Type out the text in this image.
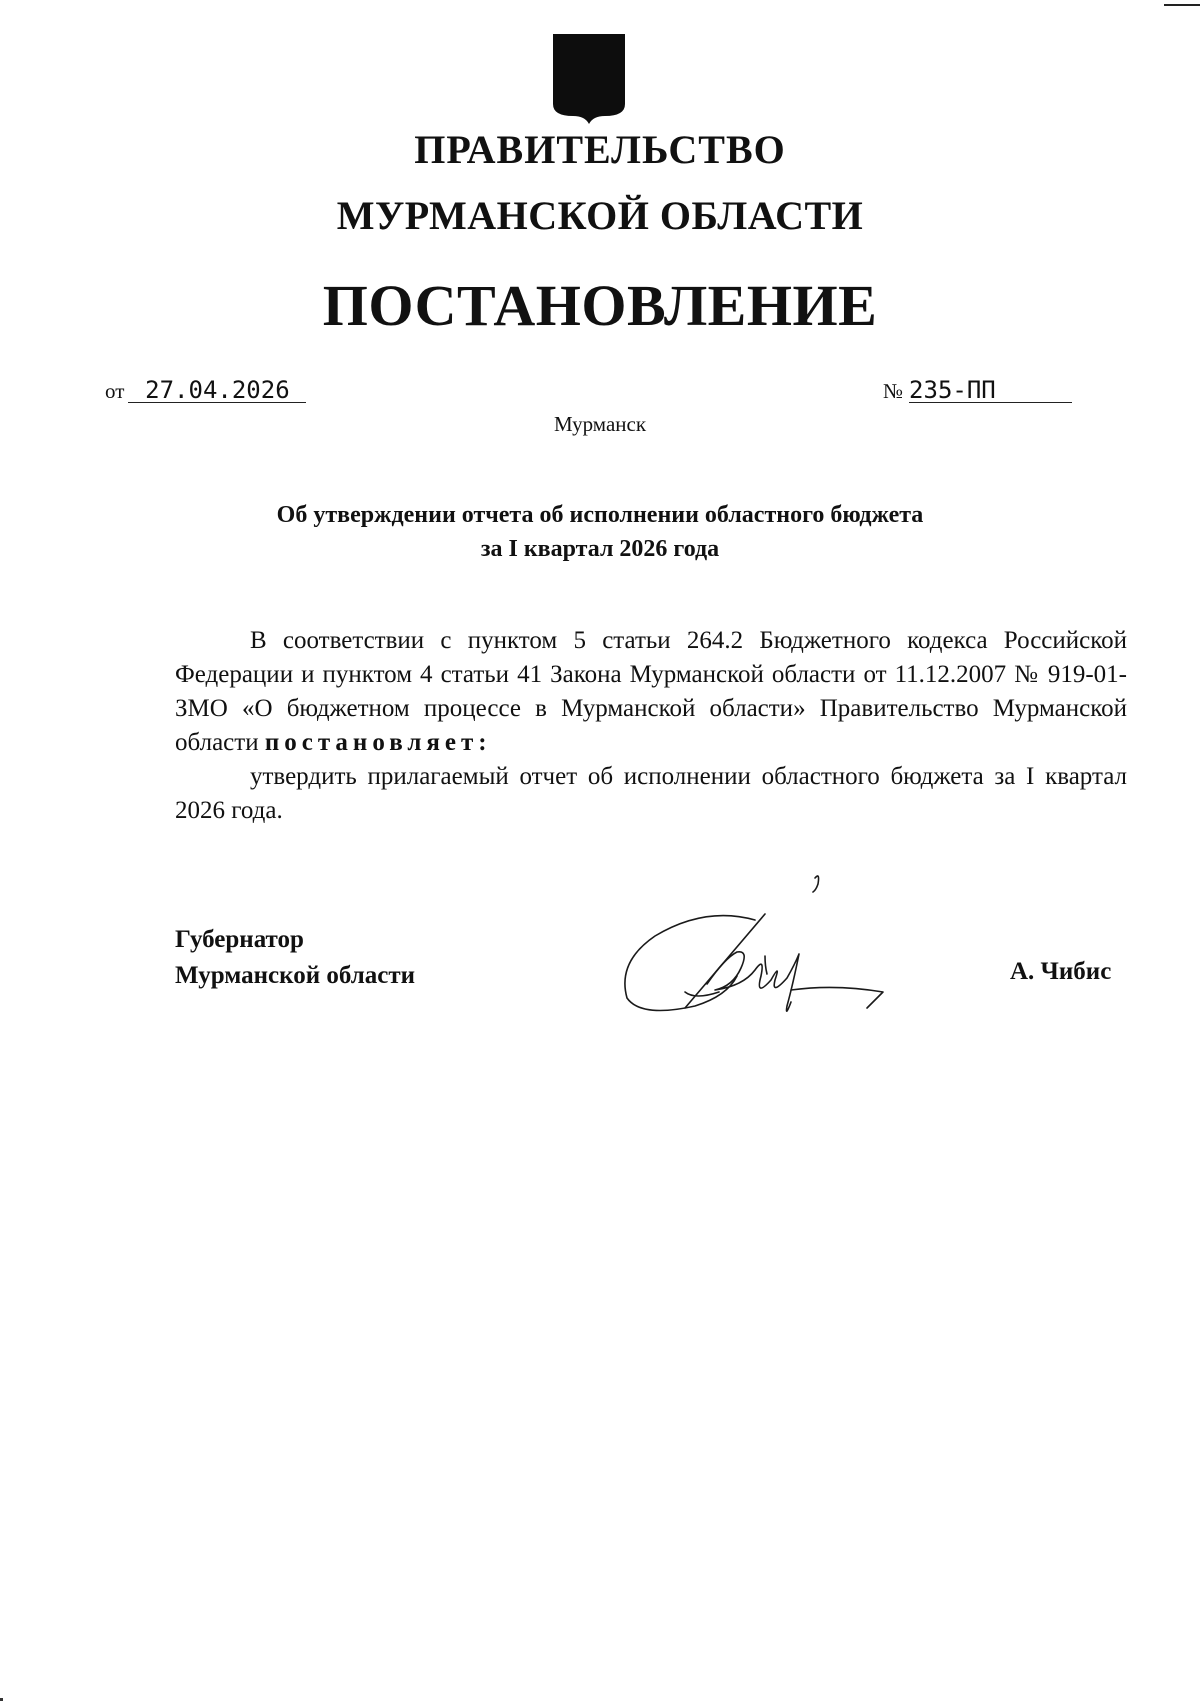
ПРАВИТЕЛЬСТВО
МУРМАНСКОЙ ОБЛАСТИ
ПОСТАНОВЛЕНИЕ
от 27.04.2026	№ 235-ПП
Мурманск
Об утверждении отчета об исполнении областного бюджета
за I квартал 2026 года

В соответствии с пунктом 5 статьи 264.2 Бюджетного кодекса Российской Федерации и пунктом 4 статьи 41 Закона Мурманской области от 11.12.2007 № 919-01-ЗМО «О бюджетном процессе в Мурманской области» Правительство Мурманской области постановляет:

утвердить прилагаемый отчет об исполнении областного бюджета за I квартал 2026 года.

Губернатор
Мурманской области	А. Чибис
